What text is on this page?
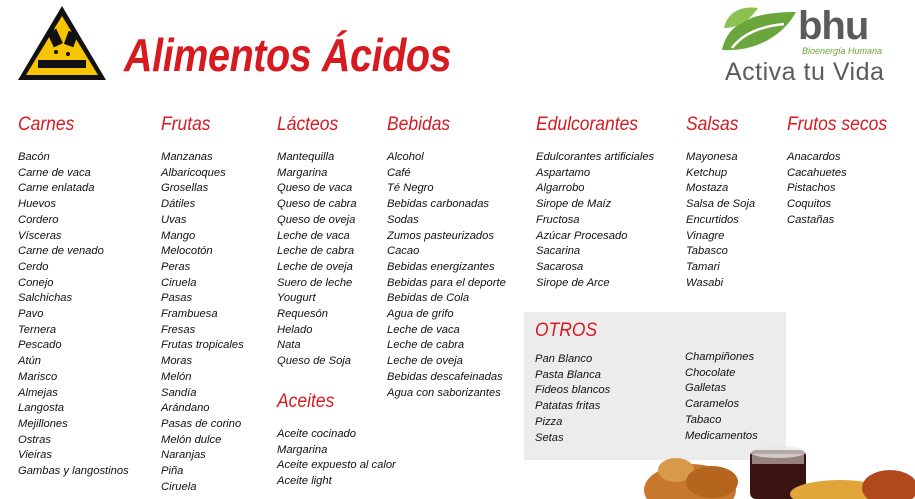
Alimentos Ácidos
bhu
Bioenergía Humana
Activa tu Vida
Carnes
Bacón
Carne de vaca
Carne enlatada
Huevos
Cordero
Vísceras
Carne de venado
Cerdo
Conejo
Salchichas
Pavo
Ternera
Pescado
Atún
Marisco
Almejas
Langosta
Mejillones
Ostras
Vieiras
Gambas y langostinos
Frutas
Manzanas
Albaricoques
Grosellas
Dátiles
Uvas
Mango
Melocotón
Peras
Ciruela
Pasas
Frambuesa
Fresas
Frutas tropicales
Moras
Melón
Sandía
Arándano
Pasas de corino
Melón dulce
Naranjas
Piña
Ciruela
Lácteos
Mantequilla
Margarina
Queso de vaca
Queso de cabra
Queso de oveja
Leche de vaca
Leche de cabra
Leche de oveja
Suero de leche
Yougurt
Requesón
Helado
Nata
Queso de Soja
Aceites
Aceite cocinado
Margarina
Aceite expuesto al calor
Aceite light
Bebidas
Alcohol
Café
Té Negro
Bebidas carbonadas
Sodas
Zumos pasteurizados
Cacao
Bebidas energizantes
Bebidas para el deporte
Bebidas de Cola
Agua de grifo
Leche de vaca
Leche de cabra
Leche de oveja
Bebidas descafeinadas
Agua con saborizantes
Edulcorantes
Edulcorantes artificiales
Aspartamo
Algarrobo
Sirope de Maíz
Fructosa
Azúcar Procesado
Sacarina
Sacarosa
Sirope de Arce
Salsas
Mayonesa
Ketchup
Mostaza
Salsa de Soja
Encurtidos
Vinagre
Tabasco
Tamari
Wasabi
Frutos secos
Anacardos
Cacahuetes
Pistachos
Coquitos
Castañas
OTROS
Pan Blanco
Pasta Blanca
Fideos blancos
Patatas fritas
Pizza
Setas
Champiñones
Chocolate
Galletas
Caramelos
Tabaco
Medicamentos
